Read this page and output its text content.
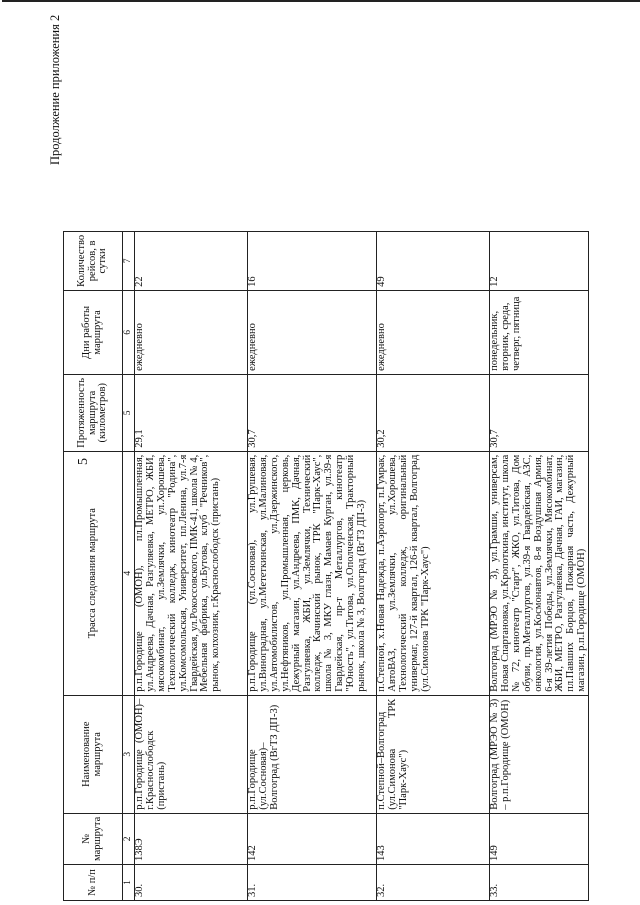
5
Продолжение приложения 2
№ п/п	№ маршрута	Наименование маршрута	Трасса следования маршрута	Протяженность маршрута (километров)	Дни работы маршрута	Количество рейсов, в сутки
1	2	3	4	5	6	7
30.	138Э	р.п.Городище (ОМОН)– г.Краснослободск (пристань)	р.п.Городище (ОМОН), пл.Промышленная, ул.Андреева, Дачная, Разгуляевка, МЕТРО, ЖБИ, мясокомбинат, ул.Землячки, ул.Хорошева, Технологический колледж, кинотеатр "Родина", ул.Комсомольская, Университет, пл.Ленина, ул.7-я Гвардейская, ул.Рокоссовского, ПМК-41, школа № 4, Мебельная фабрика, ул.Бутова, клуб "Речников", рынок, колхозник, г.Краснослободск (пристань)	29,1	ежедневно	22
31.	142	р.п.Городище (ул.Сосновая)– Волгоград (ВгТЗ ДП-3)	р.п.Городище (ул.Сосновая), ул.Грушевая, ул.Виноградная, ул.Мететкинская, ул.Малиновая, ул.Автомобилистов, ул.Дзержинского, ул.Нефтяников, ул.Промышленная, церковь, Дежурный магазин, ул.Андреева, ПМК, Дачная, Разгуляевка, ЖБИ, ул.Землячки, Технический колледж, Качинский рынок, ТРК "Парк-Хаус", школа № 3, МКУ глазн, Мамаев Курган, ул.39-я Гвардейская, пр-т Металлургов, кинотеатр "Юность", ул.Титова, ул.Ополченская, Тракторный рынок, школа № 3, Волгоград (ВгТЗ ДП-3)	30,7	ежедневно	16
32.	143	п.Степной–Волгоград (ул.Симонова ТРК "Парк-Хаус")	п.Степной, х.Новая Надежда, п.Аэропорт, п.Гумрак, АвтоВАЗ, ул.Землячки, ул.Хорошева, Технологический колледж, оригинальный универмаг, 127-й квартал, 126-й квартал, Волгоград (ул.Симонова ТРК "Парк-Хаус")	30,2	ежедневно	49
33.	149	Волгоград (МРЭО № 3) – р.п.Городище (ОМОН)	Волгоград (МРЭО № 3), ул.Грамши, универсам, Новая Спартановка, ул.Кропоткина, институт, школа № 72, кинотеатр "Старт", ЖКО, ул.Титова, Дом обуви, пр.Металлургов, ул.39-я Гвардейская, АЗС, онкология, ул.Космонавтов, 8-я Воздушная Армия, 6-я 39-летия Победы, ул.Землячки, Мясокомбинат, ЖБИ, МЕТРО, Разгуляевка, Дачная, ГАИ, магазин, пл.Павших Борцов, Пожарная часть, Дежурный магазин, р.п.Городище (ОМОН)	30,7	понедельник, вторник, среда, четверг, пятница	12
